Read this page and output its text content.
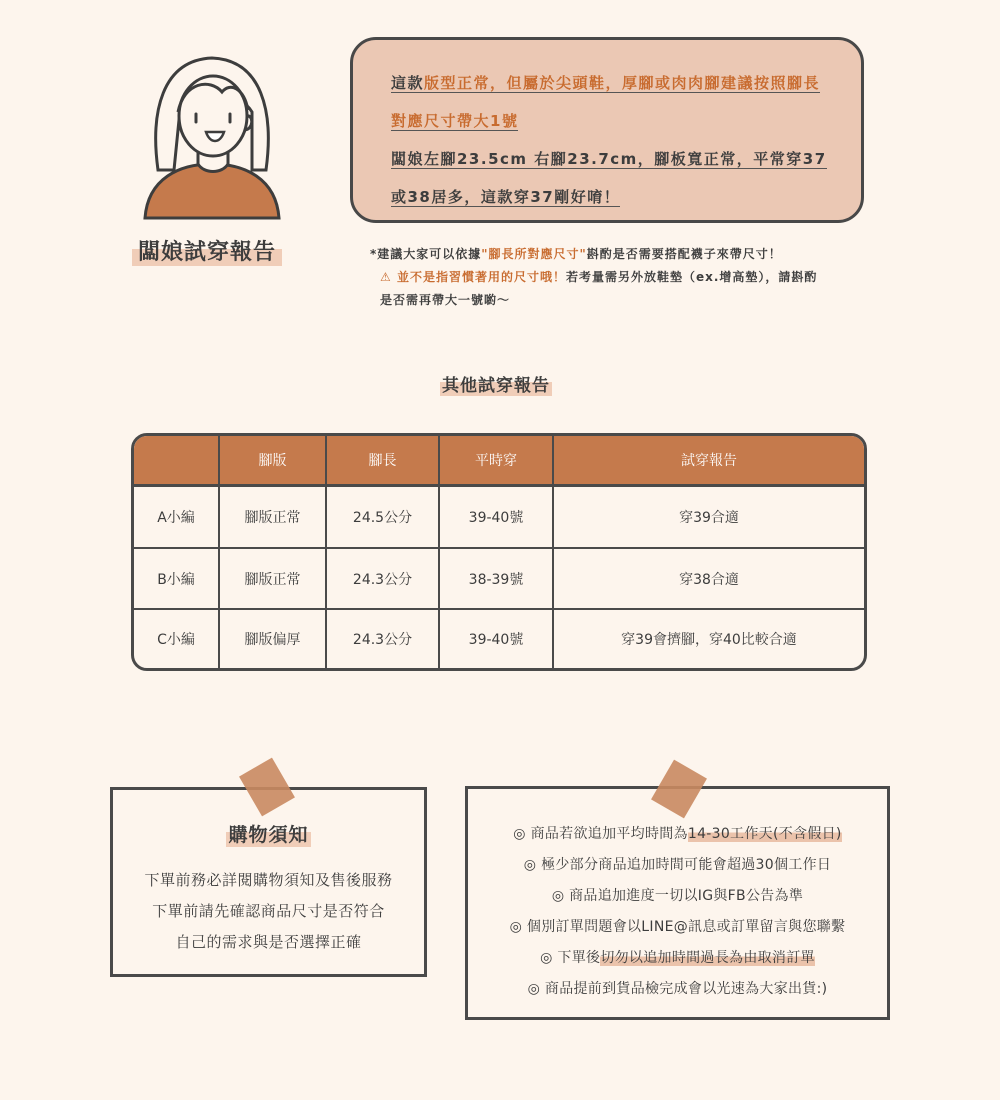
闆娘試穿報告
這款版型正常，但屬於尖頭鞋，厚腳或肉肉腳建議按照腳長
對應尺寸帶大1號
闆娘左腳23.5cm 右腳23.7cm，腳板寬正常，平常穿37
或38居多，這款穿37剛好唷！
*建議大家可以依據"腳長所對應尺寸"斟酌是否需要搭配襪子來帶尺寸！
⚠ 並不是指習慣著用的尺寸哦！若考量需另外放鞋墊（ex.增高墊），請斟酌
是否需再帶大一號喲～
其他試穿報告
	腳版	腳長	平時穿	試穿報告
A小編	腳版正常	24.5公分	39-40號	穿39合適
B小編	腳版正常	24.3公分	38-39號	穿38合適
C小編	腳版偏厚	24.3公分	39-40號	穿39會擠腳，穿40比較合適
購物須知
下單前務必詳閱購物須知及售後服務
下單前請先確認商品尺寸是否符合
自己的需求與是否選擇正確
◎ 商品若欲追加平均時間為14-30工作天(不含假日)
◎ 極少部分商品追加時間可能會超過30個工作日
◎ 商品追加進度一切以IG與FB公告為準
◎ 個別訂單問題會以LINE@訊息或訂單留言與您聯繫
◎ 下單後切勿以追加時間過長為由取消訂單
◎ 商品提前到貨品檢完成會以光速為大家出貨:)
